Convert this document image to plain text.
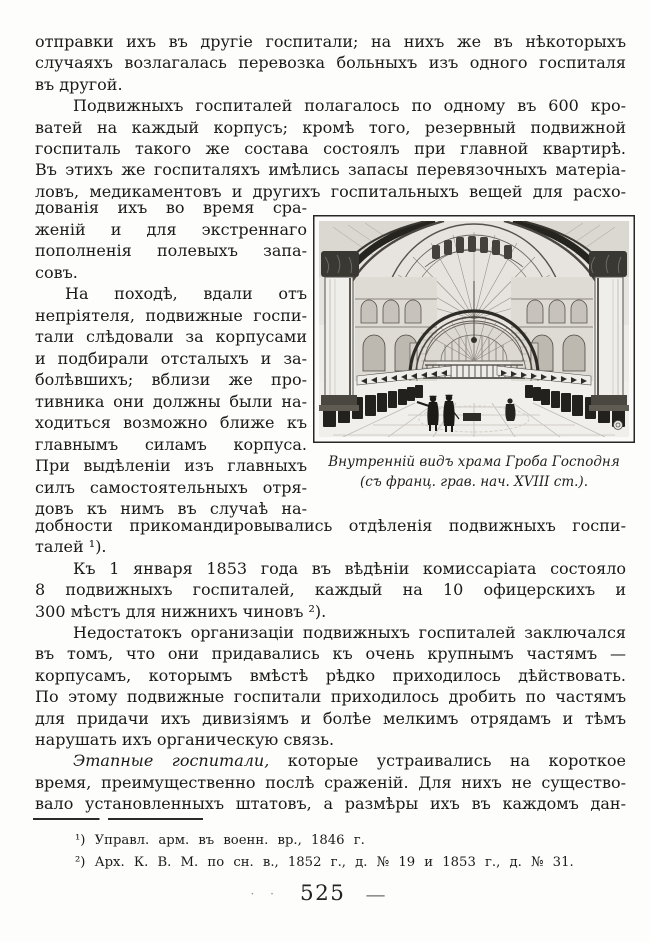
отправки ихъ въ другіе госпитали; на нихъ же въ нѣкоторыхъ
случаяхъ возлагалась перевозка больныхъ изъ одного госпиталя
въ другой.
Подвижныхъ госпиталей полагалось по одному въ 600 кро-
ватей на каждый корпусъ; кромѣ того, резервный подвижной
госпиталь такого же состава состоялъ при главной квартирѣ.
Въ этихъ же госпиталяхъ имѣлись запасы перевязочныхъ матеріа-
ловъ, медикаментовъ и другихъ госпитальныхъ вещей для расхо-
дованія ихъ во время сра-
женій и для экстреннаго
пополненія полевыхъ запа-
совъ.
На походѣ, вдали отъ
непріятеля, подвижные госпи-
тали слѣдовали за корпусами
и подбирали отсталыхъ и за-
болѣвшихъ; вблизи же про-
тивника они должны были на-
ходиться возможно ближе къ
главнымъ силамъ корпуса.
При выдѣленіи изъ главныхъ
силъ самостоятельныхъ отря-
довъ къ нимъ въ случаѣ на-
Внутренній видъ храма Гроба Господня
(съ франц. грав. нач. XVIII ст.).
добности прикомандировывались отдѣленія подвижныхъ госпи-
талей ¹).
Къ 1 января 1853 года въ вѣдѣніи комиссаріата состояло
8 подвижныхъ госпиталей, каждый на 10 офицерскихъ и
300 мѣстъ для нижнихъ чиновъ ²).
Недостатокъ организаціи подвижныхъ госпиталей заключался
въ томъ, что они придавались къ очень крупнымъ частямъ —
корпусамъ, которымъ вмѣстѣ рѣдко приходилось дѣйствовать.
По этому подвижные госпитали приходилось дробить по частямъ
для придачи ихъ дивизіямъ и болѣе мелкимъ отрядамъ и тѣмъ
нарушать ихъ органическую связь.
Этапные госпитали, которые устраивались на короткое
время, преимущественно послѣ сраженій. Для нихъ не существо-
вало установленныхъ штатовъ, а размѣры ихъ въ каждомъ дан-
¹) Управл. арм. въ военн. вр., 1846 г.
²) Арх. К. В. М. по сн. в., 1852 г., д. № 19 и 1853 г., д. № 31.
· · 525 —
